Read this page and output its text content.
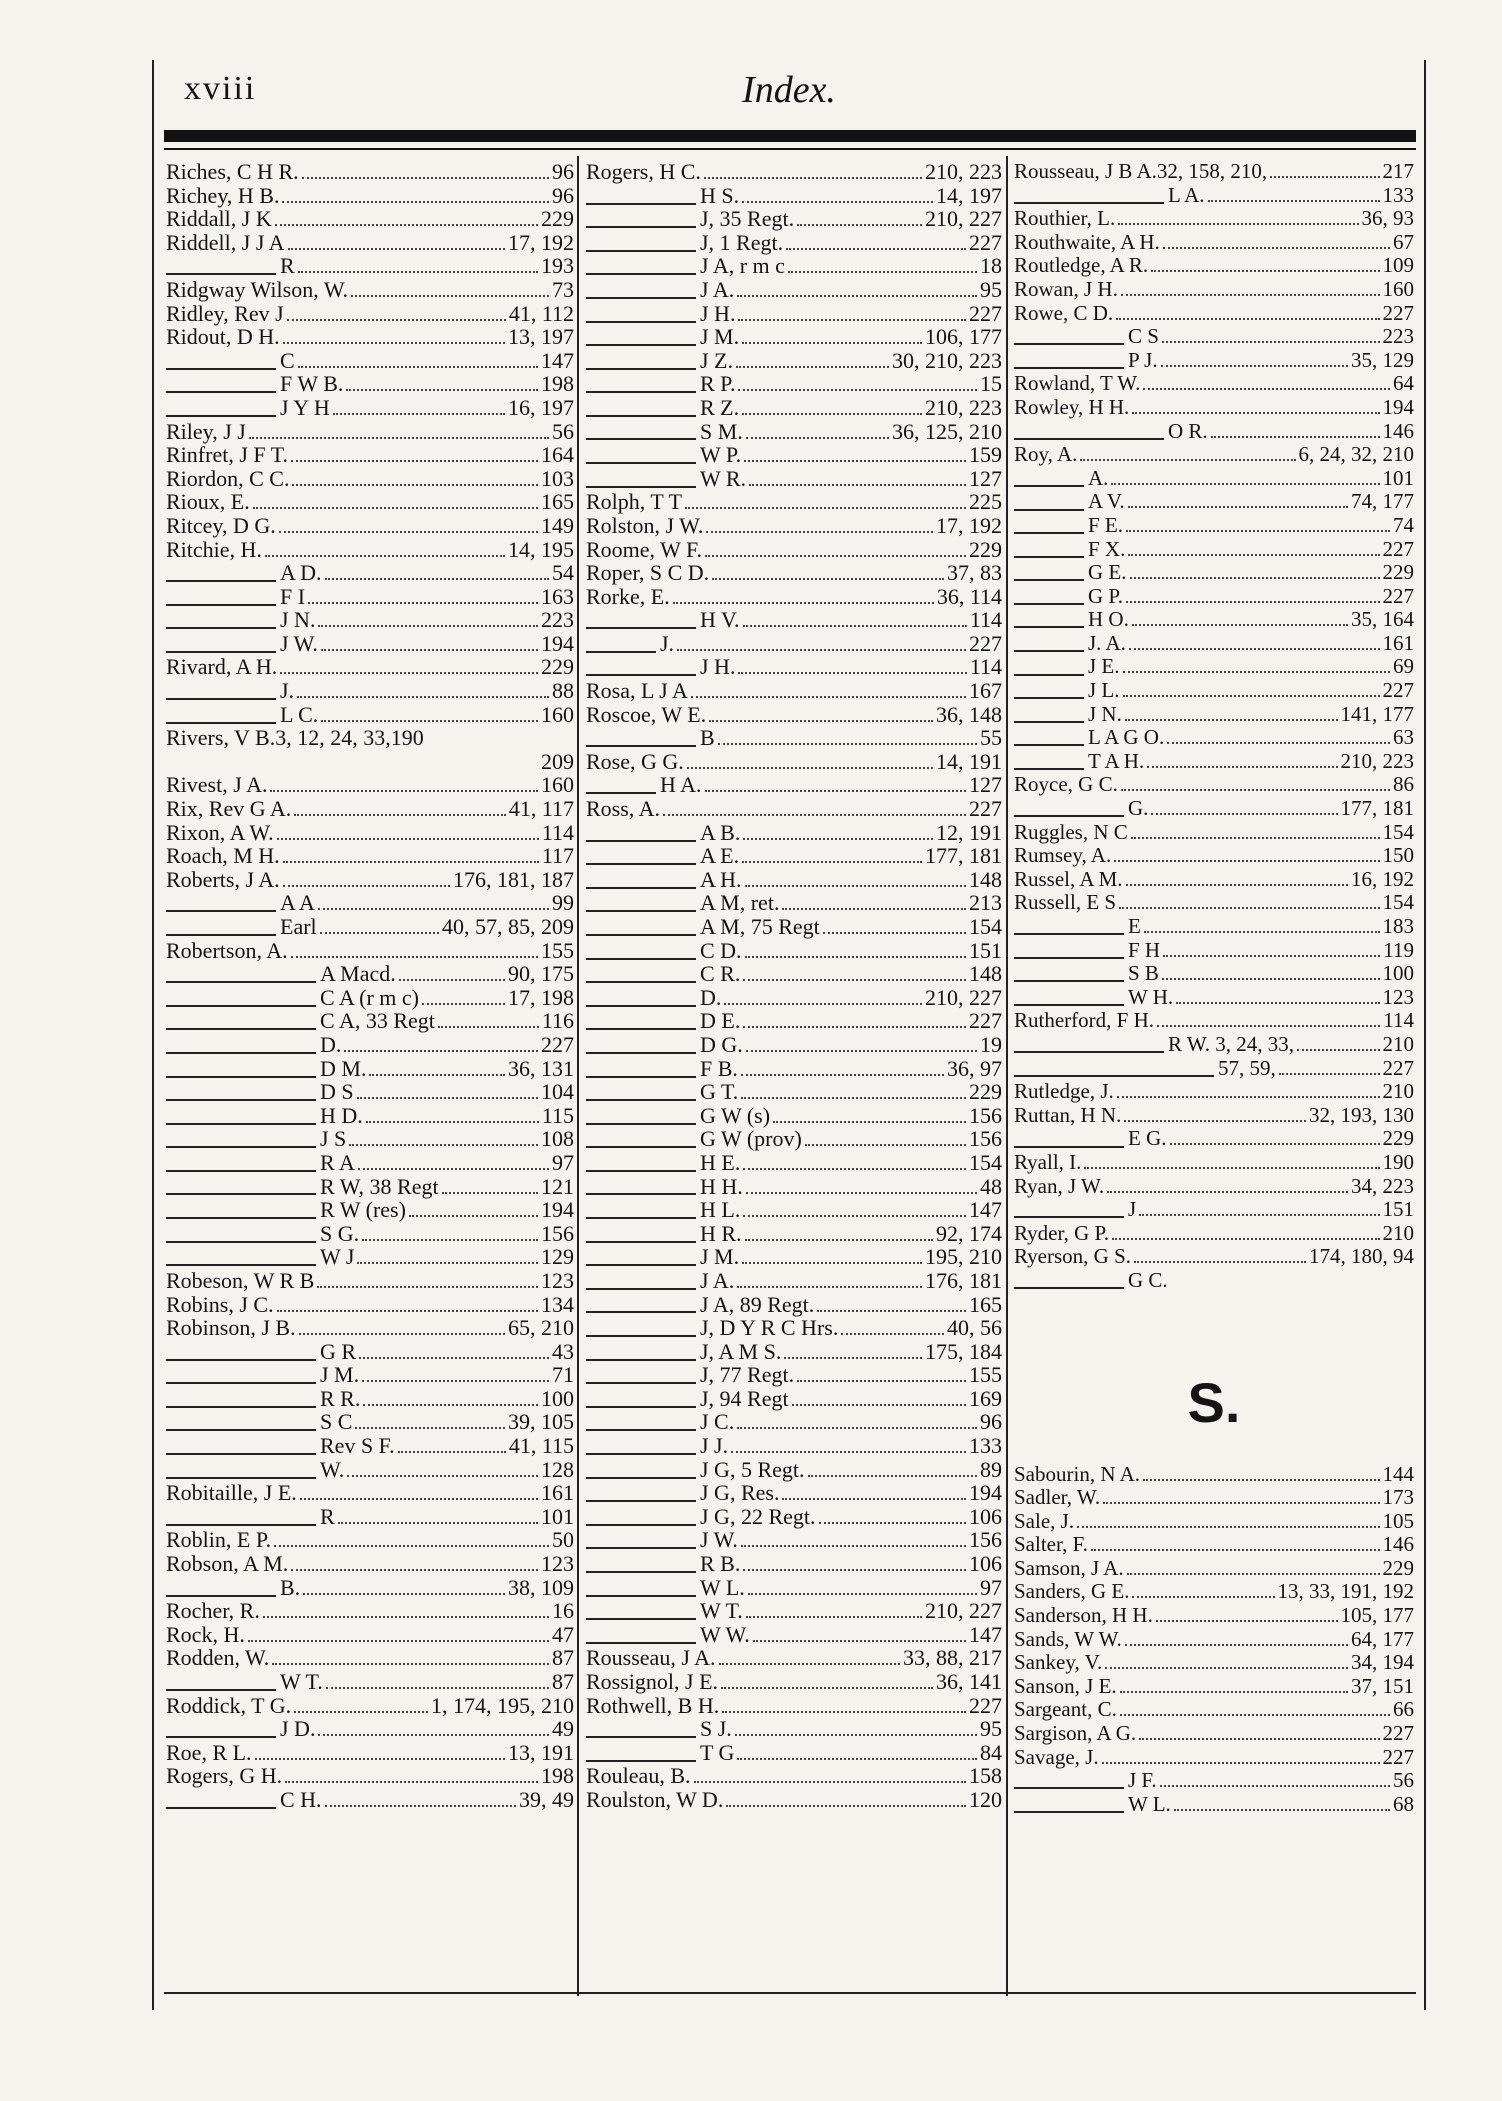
xviii	Index.
Riches, C H R.	96
Richey, H B.	96
Riddall, J K	229
Riddell, J J A	17, 192
R	193
Ridgway Wilson, W.	73
Ridley, Rev J	41, 112
Ridout, D H.	13, 197
C	147
F W B.	198
J Y H	16, 197
Riley, J J	56
Rinfret, J F T.	164
Riordon, C C.	103
Rioux, E.	165
Ritcey, D G.	149
Ritchie, H.	14, 195
A D.	54
F I	163
J N.	223
J W.	194
Rivard, A H.	229
J.	88
L C.	160
Rivers, V B.3, 12, 24, 33,190
209
Rivest, J A.	160
Rix, Rev G A.	41, 117
Rixon, A W.	114
Roach, M H.	117
Roberts, J A.	176, 181, 187
A A	99
Earl	40, 57, 85, 209
Robertson, A.	155
A Macd.	90, 175
C A (r m c)	17, 198
C A, 33 Regt	116
D.	227
D M.	36, 131
D S	104
H D.	115
J S	108
R A	97
R W, 38 Regt	121
R W (res)	194
S G.	156
W J	129
Robeson, W R B	123
Robins, J C.	134
Robinson, J B.	65, 210
G R	43
J M.	71
R R.	100
S C	39, 105
Rev S F.	41, 115
W.	128
Robitaille, J E.	161
R	101
Roblin, E P.	50
Robson, A M.	123
B.	38, 109
Rocher, R.	16
Rock, H.	47
Rodden, W.	87
W T.	87
Roddick, T G.	1, 174, 195, 210
J D.	49
Roe, R L.	13, 191
Rogers, G H.	198
C H.	39, 49
Rogers, H C.	210, 223
H S.	14, 197
J, 35 Regt.	210, 227
J, 1 Regt.	227
J A, r m c	18
J A.	95
J H.	227
J M.	106, 177
J Z.	30, 210, 223
R P.	15
R Z.	210, 223
S M.	36, 125, 210
W P.	159
W R.	127
Rolph, T T	225
Rolston, J W.	17, 192
Roome, W F.	229
Roper, S C D.	37, 83
Rorke, E.	36, 114
H V.	114
J.	227
J H.	114
Rosa, L J A	167
Roscoe, W E.	36, 148
B	55
Rose, G G.	14, 191
H A.	127
Ross, A.	227
A B.	12, 191
A E.	177, 181
A H.	148
A M, ret.	213
A M, 75 Regt	154
C D.	151
C R.	148
D.	210, 227
D E.	227
D G.	19
F B.	36, 97
G T.	229
G W (s)	156
G W (prov)	156
H E.	154
H H.	48
H L.	147
H R.	92, 174
J M.	195, 210
J A.	176, 181
J A, 89 Regt.	165
J, D Y R C Hrs.	40, 56
J, A M S.	175, 184
J, 77 Regt.	155
J, 94 Regt	169
J C.	96
J J.	133
J G, 5 Regt.	89
J G, Res.	194
J G, 22 Regt.	106
J W.	156
R B.	106
W L.	97
W T.	210, 227
W W.	147
Rousseau, J A.	33, 88, 217
Rossignol, J E.	36, 141
Rothwell, B H.	227
S J.	95
T G	84
Rouleau, B.	158
Roulston, W D.	120
Rousseau, J B A.32, 158, 210,	217
L A.	133
Routhier, L.	36, 93
Routhwaite, A H.	67
Routledge, A R.	109
Rowan, J H.	160
Rowe, C D.	227
C S	223
P J.	35, 129
Rowland, T W.	64
Rowley, H H.	194
O R.	146
Roy, A.	6, 24, 32, 210
A.	101
A V.	74, 177
F E.	74
F X.	227
G E.	229
G P.	227
H O.	35, 164
J. A.	161
J E.	69
J L.	227
J N.	141, 177
L A G O.	63
T A H.	210, 223
Royce, G C.	86
G.	177, 181
Ruggles, N C	154
Rumsey, A.	150
Russel, A M.	16, 192
Russell, E S	154
E	183
F H	119
S B	100
W H.	123
Rutherford, F H.	114
R W. 3, 24, 33,	210
57, 59,	227
Rutledge, J.	210
Ruttan, H N.	32, 193, 130
E G.	229
Ryall, I.	190
Ryan, J W.	34, 223
J	151
Ryder, G P.	210
Ryerson, G S.	174, 180, 94
G C.
S.
Sabourin, N A.	144
Sadler, W.	173
Sale, J.	105
Salter, F.	146
Samson, J A.	229
Sanders, G E.	13, 33, 191, 192
Sanderson, H H.	105, 177
Sands, W W.	64, 177
Sankey, V.	34, 194
Sanson, J E.	37, 151
Sargeant, C.	66
Sargison, A G.	227
Savage, J.	227
J F.	56
W L.	68
